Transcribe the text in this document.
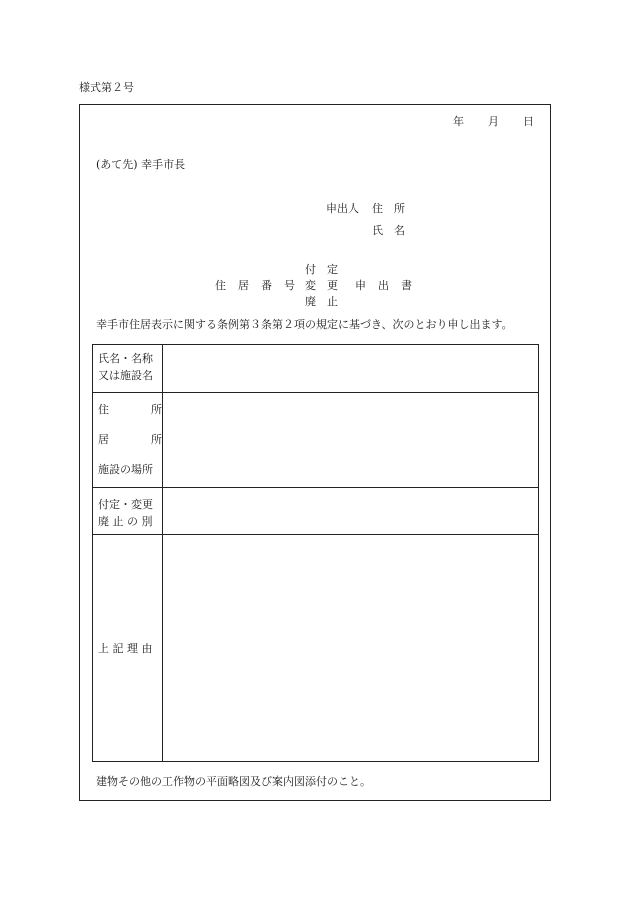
様式第２号
年 月 日
(あて先) 幸手市長
申出人 住 所
氏 名
付　定
住 居 番 号 変　更 申 出 書
廃　止
幸手市住居表示に関する条例第３条第２項の規定に基づき、次のとおり申し出ます。
氏名・名称
又は施設名
住	所
居	所
施設の場所
付定・変更
廃 止 の 別
上 記 理 由
建物その他の工作物の平面略図及び案内図添付のこと。
